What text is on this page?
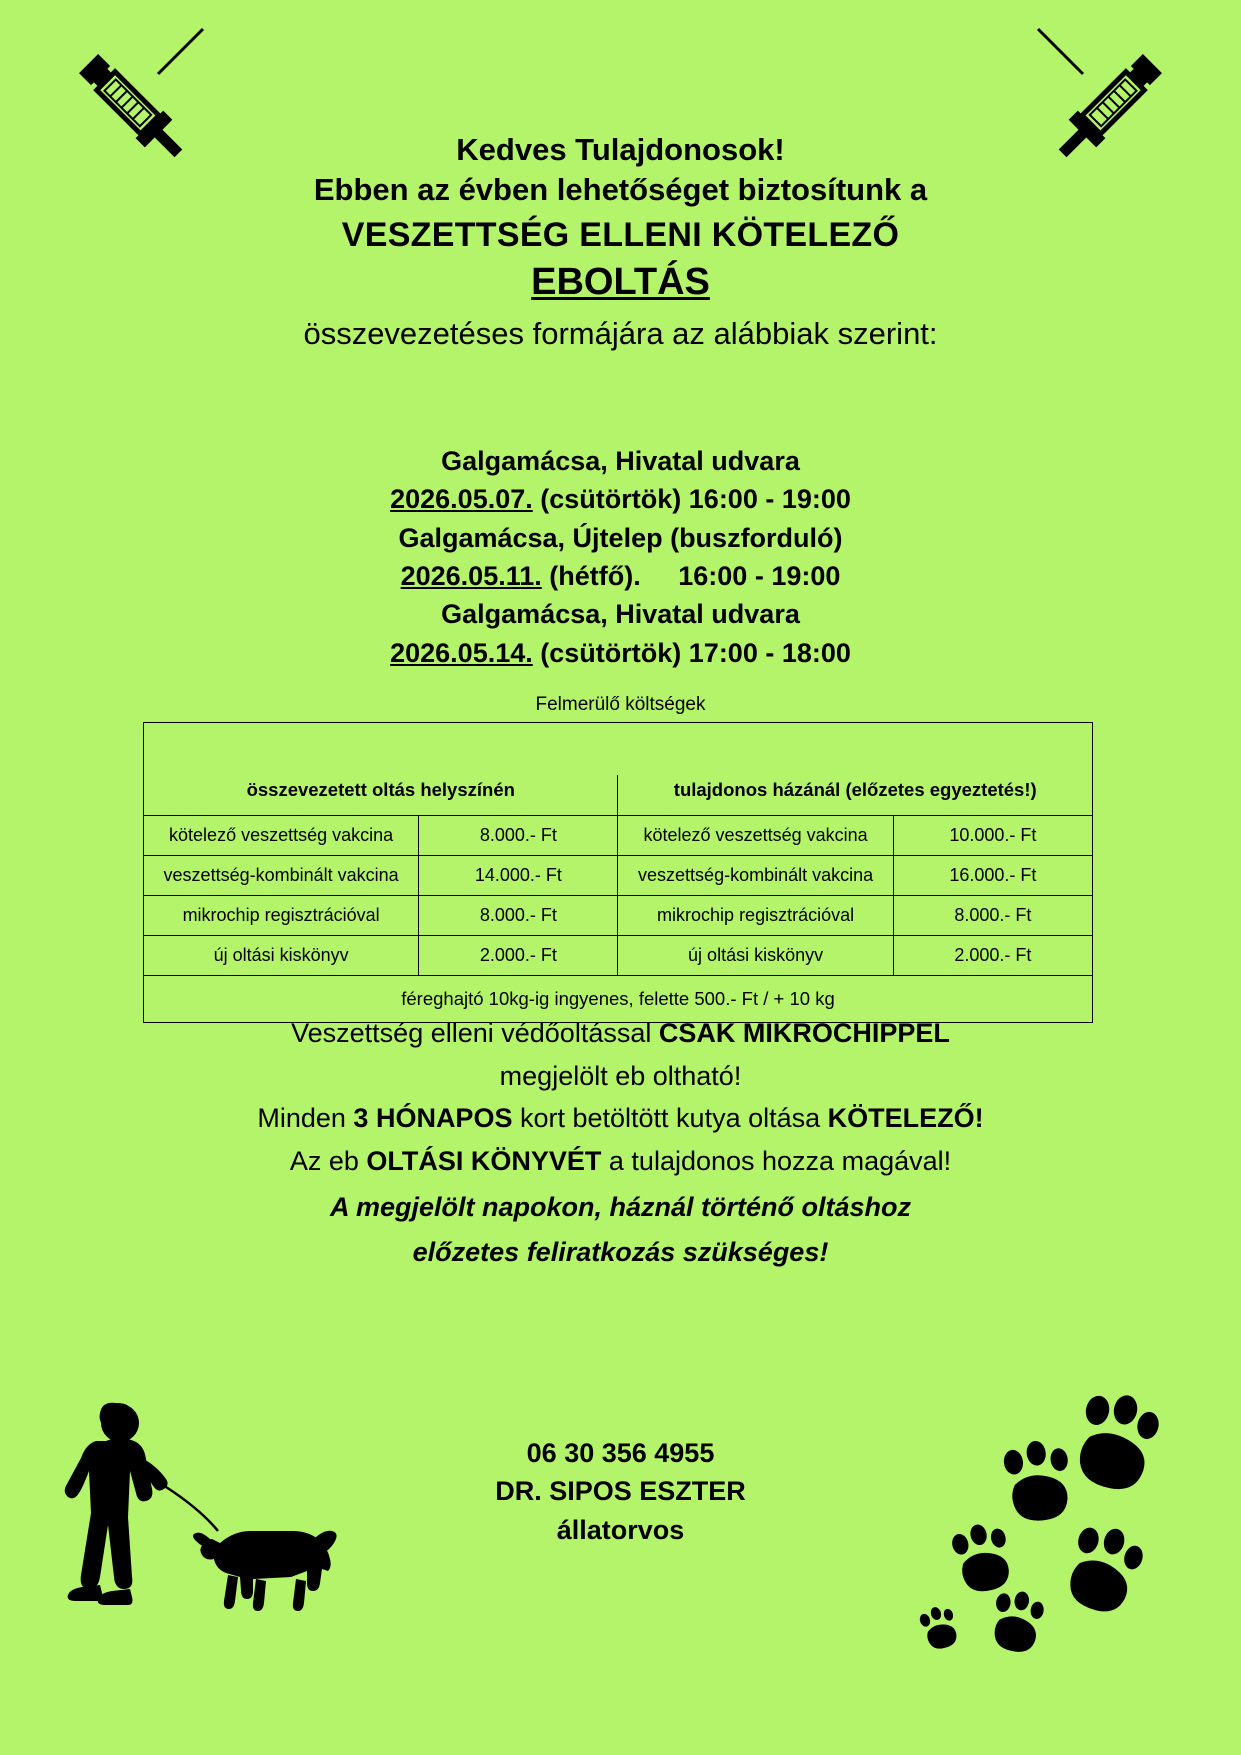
Kedves Tulajdonosok!
Ebben az évben lehetőséget biztosítunk a
VESZETTSÉG ELLENI KÖTELEZŐ
EBOLTÁS
összevezetéses formájára az alábbiak szerint:
Galgamácsa, Hivatal udvara
2026.05.07. (csütörtök) 16:00 - 19:00
Galgamácsa, Újtelep (buszforduló)
2026.05.11. (hétfő). 16:00 - 19:00
Galgamácsa, Hivatal udvara
2026.05.14. (csütörtök) 17:00 - 18:00
Felmerülő költségek

összevezetett oltás helyszínén		tulajdonos házánál (előzetes egyeztetés!)	
kötelező veszettség vakcina	8.000.- Ft	kötelező veszettség vakcina	10.000.- Ft
veszettség-kombinált vakcina	14.000.- Ft	veszettség-kombinált vakcina	16.000.- Ft
mikrochip regisztrációval	8.000.- Ft	mikrochip regisztrációval	8.000.- Ft
új oltási kiskönyv	2.000.- Ft	új oltási kiskönyv	2.000.- Ft
féreghajtó 10kg-ig ingyenes, felette 500.- Ft / + 10 kg			
Veszettség elleni védőoltással CSAK MIKROCHIPPEL
megjelölt eb oltható!
Minden 3 HÓNAPOS kort betöltött kutya oltása KÖTELEZŐ!
Az eb OLTÁSI KÖNYVÉT a tulajdonos hozza magával!
A megjelölt napokon, háznál történő oltáshoz
előzetes feliratkozás szükséges!
06 30 356 4955
DR. SIPOS ESZTER
állatorvos
